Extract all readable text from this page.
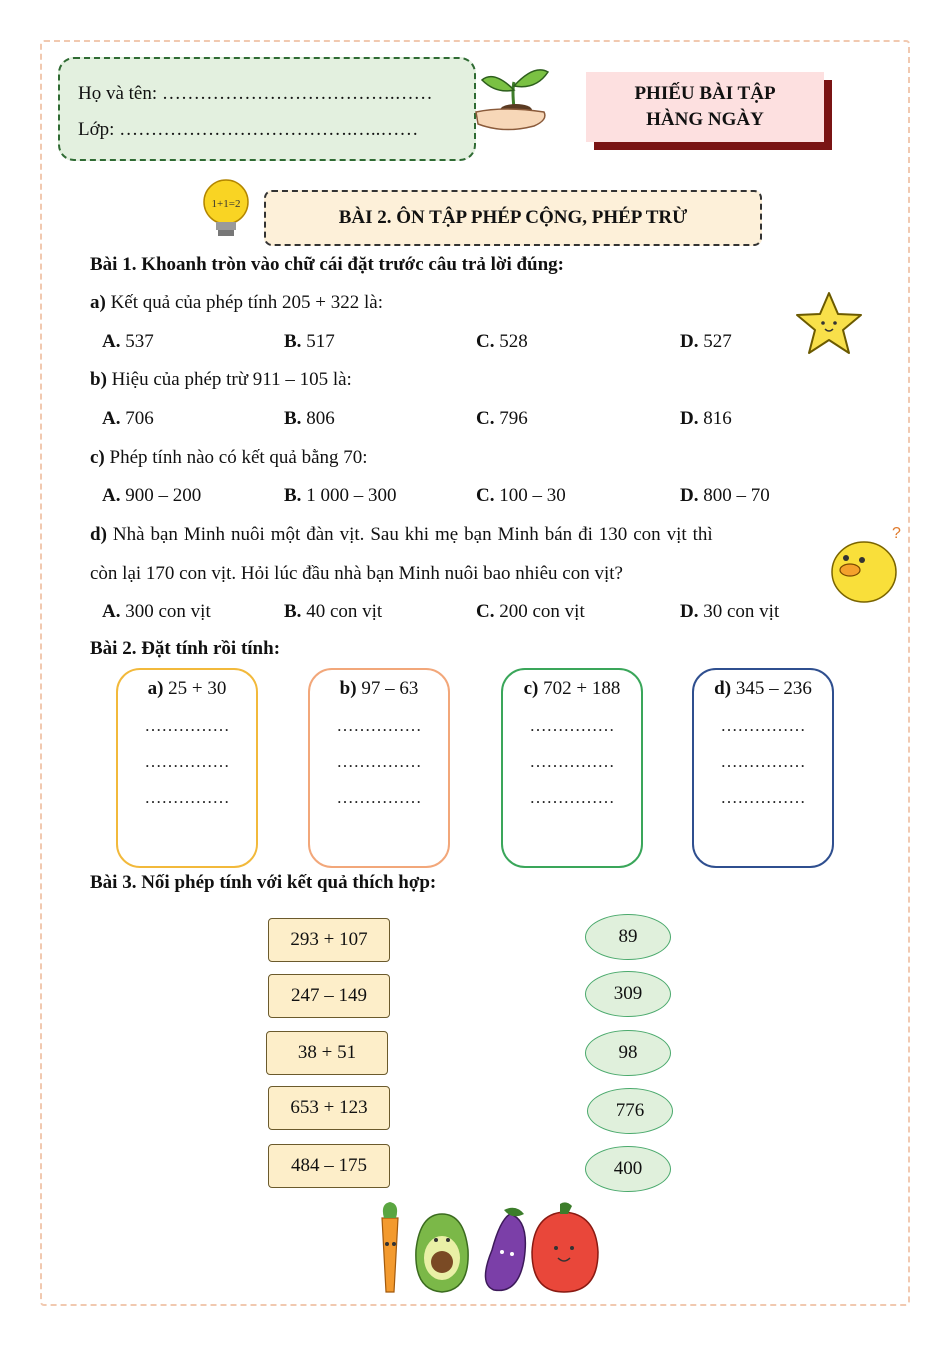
Họ và tên: ……………………………….……
Lớp: ……………………………….…..……
PHIẾU BÀI TẬP
HÀNG NGÀY
1+1=2
BÀI 2. ÔN TẬP PHÉP CỘNG, PHÉP TRỪ
Bài 1. Khoanh tròn vào chữ cái đặt trước câu trả lời đúng:
a) Kết quả của phép tính 205 + 322 là:
A. 537	B. 517	C. 528	D. 527
b) Hiệu của phép trừ 911 – 105 là:
A. 706	B. 806	C. 796	D. 816
c) Phép tính nào có kết quả bằng 70:
A. 900 – 200	B. 1 000 – 300	C. 100 – 30	D. 800 – 70
d) Nhà bạn Minh nuôi một đàn vịt. Sau khi mẹ bạn Minh bán đi 130 con vịt thì
còn lại 170 con vịt. Hỏi lúc đầu nhà bạn Minh nuôi bao nhiêu con vịt?
A. 300 con vịt	B. 40 con vịt	C. 200 con vịt	D. 30 con vịt
?
Bài 2. Đặt tính rồi tính:
a) 25 + 30
……………
……………
……………
b) 97 – 63
……………
……………
……………
c) 702 + 188
……………
……………
……………
d) 345 – 236
……………
……………
……………
Bài 3. Nối phép tính với kết quả thích hợp:
293 + 107
247 – 149
38 + 51
653 + 123
484 – 175
89
309
98
776
400
